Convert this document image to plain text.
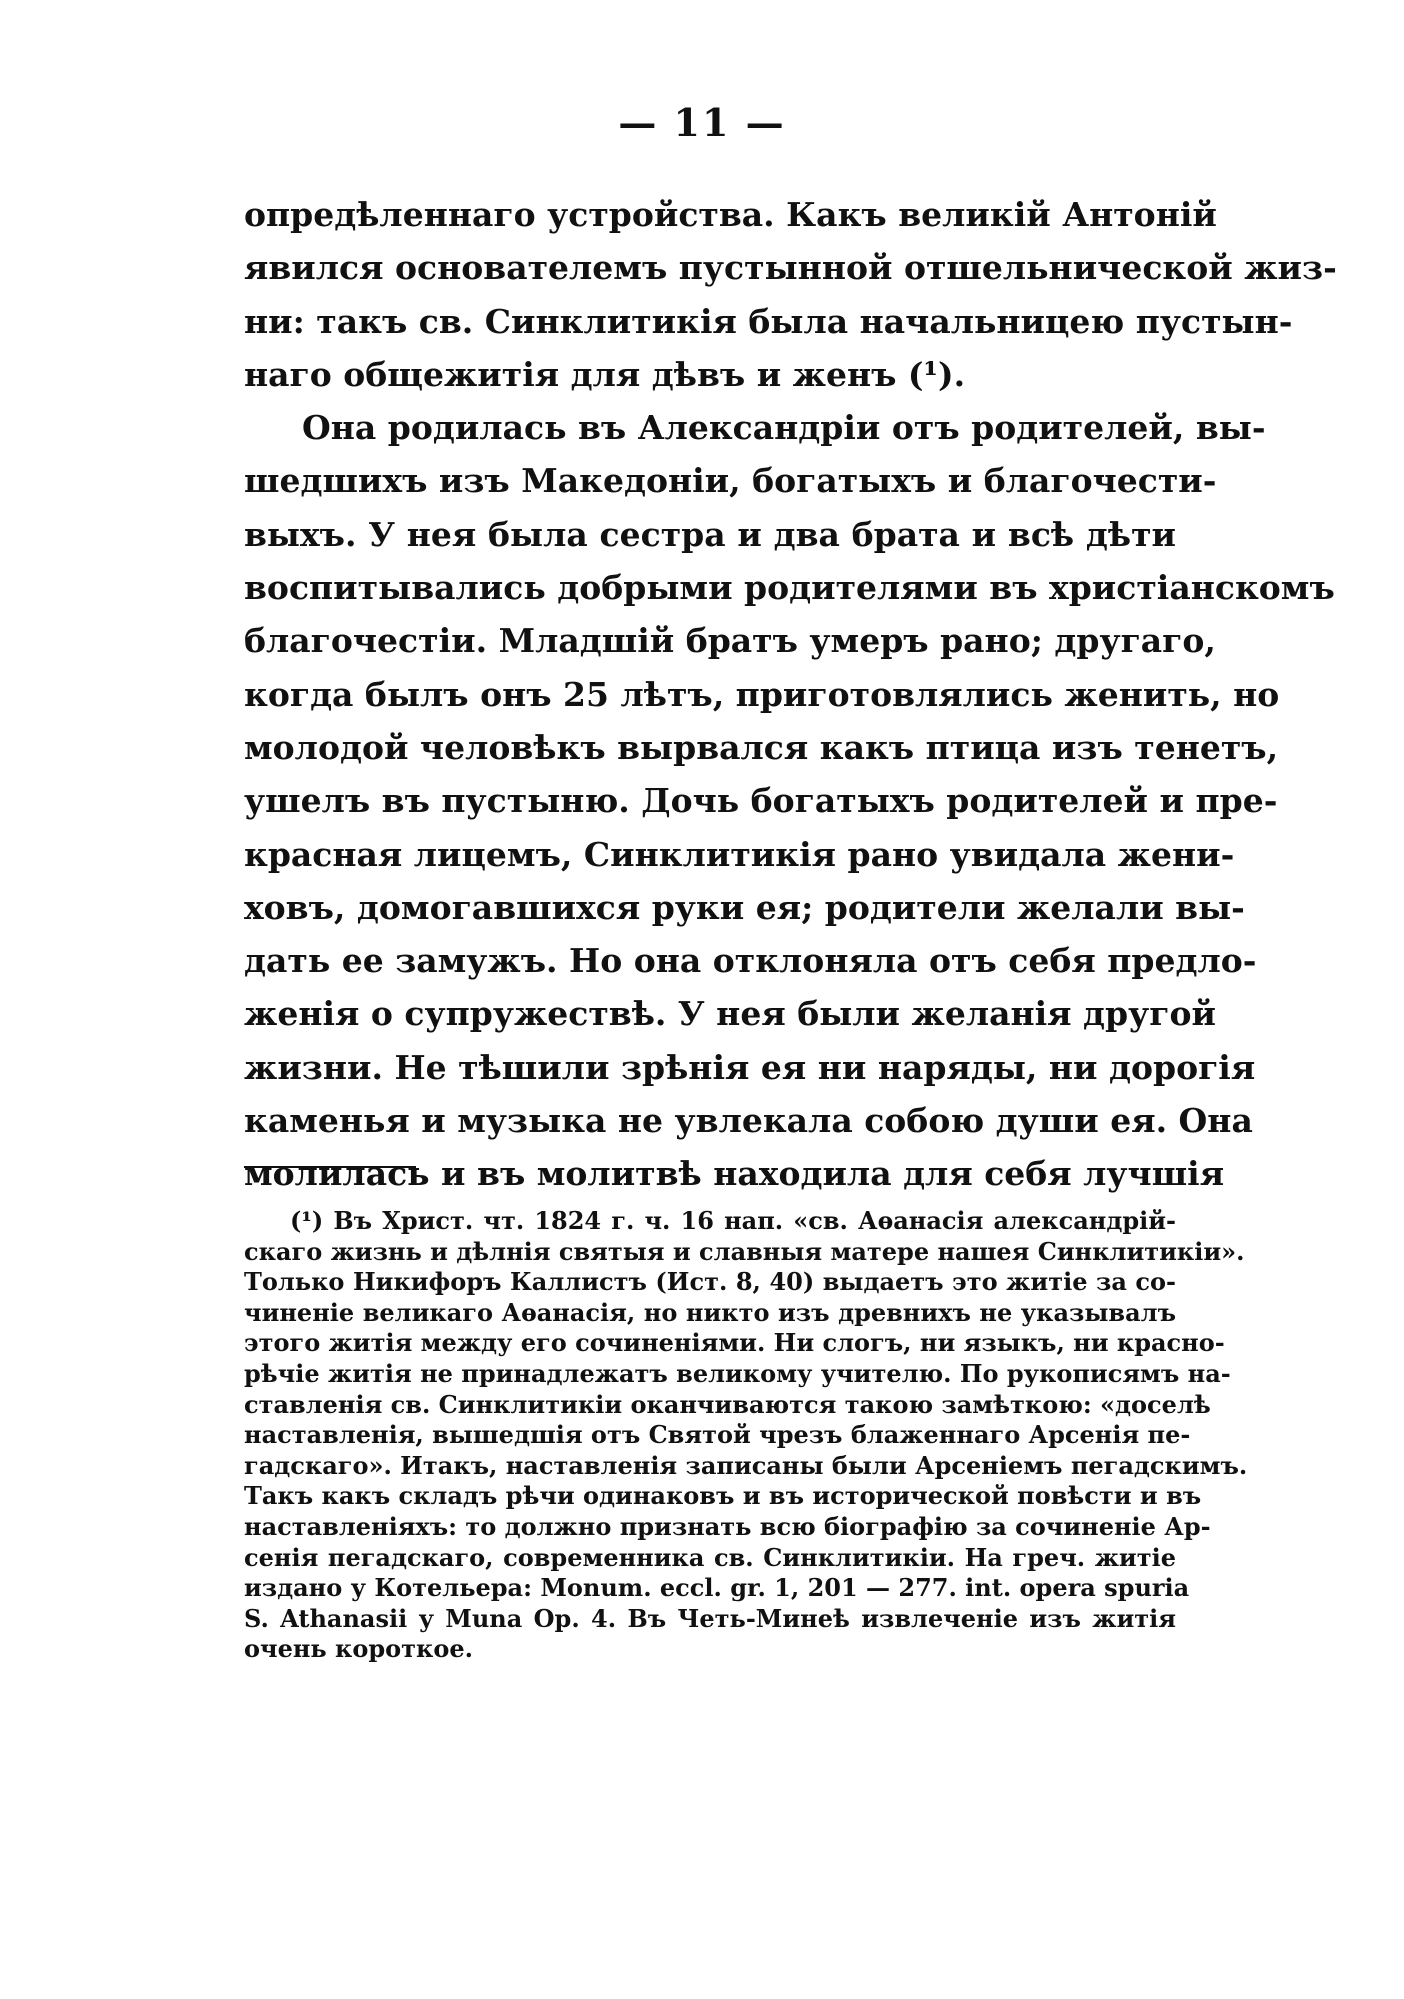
— 11 —
опредѣленнаго устройства. Какъ великій Антоній
явился основателемъ пустынной отшельнической жиз-
ни: такъ св. Синклитикія была начальницею пустын-
наго общежитія для дѣвъ и женъ (¹).
Она родилась въ Александріи отъ родителей, вы-
шедшихъ изъ Македоніи, богатыхъ и благочести-
выхъ. У нея была сестра и два брата и всѣ дѣти
воспитывались добрыми родителями въ христіанскомъ
благочестіи. Младшій братъ умеръ рано; другаго,
когда былъ онъ 25 лѣтъ, приготовлялись женить, но
молодой человѣкъ вырвался какъ птица изъ тенетъ,
ушелъ въ пустыню. Дочь богатыхъ родителей и пре-
красная лицемъ, Синклитикія рано увидала жени-
ховъ, домогавшихся руки ея; родители желали вы-
дать ее замужъ. Но она отклоняла отъ себя предло-
женія о супружествѣ. У нея были желанія другой
жизни. Не тѣшили зрѣнія ея ни наряды, ни дорогія
каменья и музыка не увлекала собою души ея. Она
молилась и въ молитвѣ находила для себя лучшія
(¹) Въ Христ. чт. 1824 г. ч. 16 нап. «св. Аѳанасія александрій-
скаго жизнь и дѣлнія святыя и славныя матере нашея Синклитикіи».
Только Никифоръ Каллистъ (Ист. 8, 40) выдаетъ это житіе за со-
чиненіе великаго Аѳанасія, но никто изъ древнихъ не указывалъ
этого житія между его сочиненіями. Ни слогъ, ни языкъ, ни красно-
рѣчіе житія не принадлежатъ великому учителю. По рукописямъ на-
ставленія св. Синклитикіи оканчиваются такою замѣткою: «доселѣ
наставленія, вышедшія отъ Святой чрезъ блаженнаго Арсенія пе-
гадскаго». Итакъ, наставленія записаны были Арсеніемъ пегадскимъ.
Такъ какъ складъ рѣчи одинаковъ и въ исторической повѣсти и въ
наставленіяхъ: то должно признать всю біографію за сочиненіе Ар-
сенія пегадскаго, современника св. Синклитикіи. На греч. житіе
издано у Котельера: Monum. eccl. gr. 1, 201 — 277. int. opera spuria
S. Athanasii у Muna Op. 4. Въ Четь-Минеѣ извлеченіе изъ житія
очень короткое.
